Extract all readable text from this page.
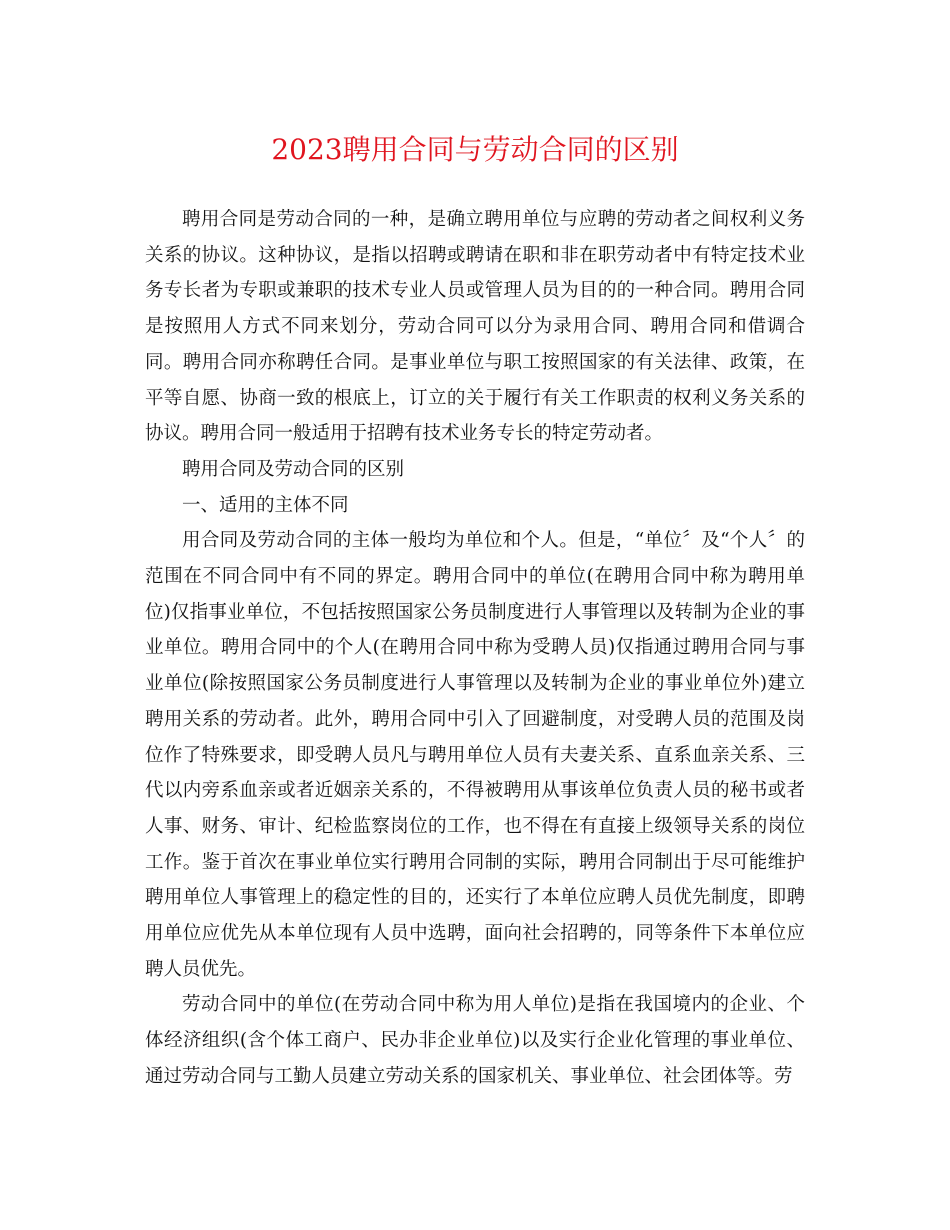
2023聘用合同与劳动合同的区别

聘用合同是劳动合同的一种，是确立聘用单位与应聘的劳动者之间权利义务关系的协议。这种协议，是指以招聘或聘请在职和非在职劳动者中有特定技术业务专长者为专职或兼职的技术专业人员或管理人员为目的的一种合同。聘用合同是按照用人方式不同来划分，劳动合同可以分为录用合同、聘用合同和借调合同。聘用合同亦称聘任合同。是事业单位与职工按照国家的有关法律、政策，在平等自愿、协商一致的根底上，订立的关于履行有关工作职责的权利义务关系的协议。聘用合同一般适用于招聘有技术业务专长的特定劳动者。

聘用合同及劳动合同的区别

一、适用的主体不同

用合同及劳动合同的主体一般均为单位和个人。但是，“单位〞及“个人〞的范围在不同合同中有不同的界定。聘用合同中的单位(在聘用合同中称为聘用单位)仅指事业单位，不包括按照国家公务员制度进行人事管理以及转制为企业的事业单位。聘用合同中的个人(在聘用合同中称为受聘人员)仅指通过聘用合同与事业单位(除按照国家公务员制度进行人事管理以及转制为企业的事业单位外)建立聘用关系的劳动者。此外，聘用合同中引入了回避制度，对受聘人员的范围及岗位作了特殊要求，即受聘人员凡与聘用单位人员有夫妻关系、直系血亲关系、三代以内旁系血亲或者近姻亲关系的，不得被聘用从事该单位负责人员的秘书或者人事、财务、审计、纪检监察岗位的工作，也不得在有直接上级领导关系的岗位工作。鉴于首次在事业单位实行聘用合同制的实际，聘用合同制出于尽可能维护聘用单位人事管理上的稳定性的目的，还实行了本单位应聘人员优先制度，即聘用单位应优先从本单位现有人员中选聘，面向社会招聘的，同等条件下本单位应聘人员优先。

劳动合同中的单位(在劳动合同中称为用人单位)是指在我国境内的企业、个体经济组织(含个体工商户、民办非企业单位)以及实行企业化管理的事业单位、通过劳动合同与工勤人员建立劳动关系的国家机关、事业单位、社会团体等。劳
